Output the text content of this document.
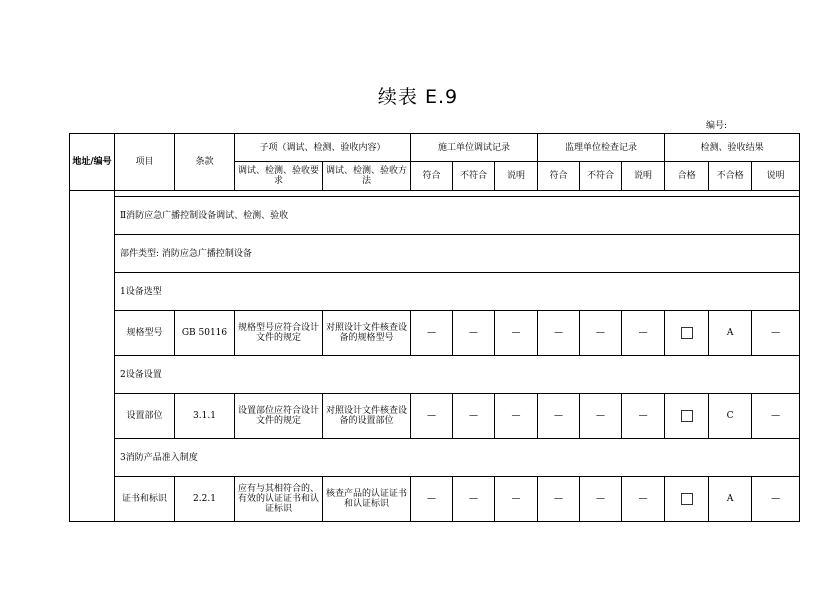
续表 E.9
编号:
地址/编号	项目	条款	子项（调试、检测、验收内容）		施工单位调试记录			监理单位检查记录			检测、验收结果		
			调试、检测、验收要求	调试、检测、验收方法	符合	不符合	说明	符合	不符合	说明	合格	不合格	说明

	Ⅱ消防应急广播控制设备调试、检测、验收												
	部件类型: 消防应急广播控制设备												
	1设备选型												
	规格型号	GB 50116	规格型号应符合设计文件的规定	对照设计文件核查设备的规格型号	—	—	—	—	—	—		A	—
	2设备设置												
	设置部位	3.1.1	设置部位应符合设计文件的规定	对照设计文件核查设备的设置部位	—	—	—	—	—	—		C	—
	3消防产品准入制度												
	证书和标识	2.2.1	应有与其相符合的、有效的认证证书和认证标识	核查产品的认证证书和认证标识	—	—	—	—	—	—		A	—
